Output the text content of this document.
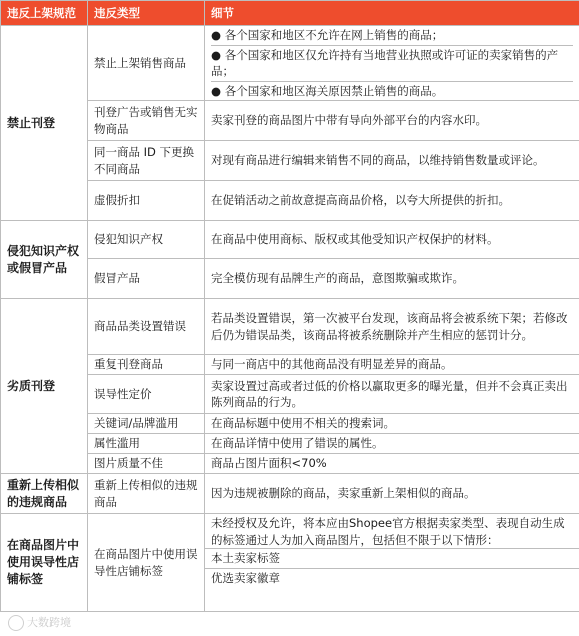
违反上架规范	违反类型	细节
禁止刊登	禁止上架销售商品	● 各个国家和地区不允许在网上销售的商品；
● 各个国家和地区仅允许持有当地营业执照或许可证的卖家销售的产品；
● 各个国家和地区海关原因禁止销售的商品。

	刊登广告或销售无实物商品	卖家刊登的商品图片中带有导向外部平台的内容水印。
	同一商品 ID 下更换不同商品	对现有商品进行编辑来销售不同的商品，以维持销售数量或评论。
	虚假折扣	在促销活动之前故意提高商品价格，以夸大所提供的折扣。
侵犯知识产权或假冒产品	侵犯知识产权	在商品中使用商标、版权或其他受知识产权保护的材料。
	假冒产品	完全模仿现有品牌生产的商品，意图欺骗或欺诈。
劣质刊登	商品品类设置错误	若品类设置错误，第一次被平台发现，该商品将会被系统下架；若修改后仍为错误品类，该商品将被系统删除并产生相应的惩罚计分。
	重复刊登商品	与同一商店中的其他商品没有明显差异的商品。
	误导性定价	卖家设置过高或者过低的价格以赢取更多的曝光量，但并不会真正卖出陈列商品的行为。
	关键词/品牌滥用	在商品标题中使用不相关的搜索词。
	属性滥用	在商品详情中使用了错误的属性。
	图片质量不佳	商品占图片面积<70%
重新上传相似的违规商品	重新上传相似的违规商品	因为违规被删除的商品，卖家重新上架相似的商品。
在商品图片中使用误导性店铺标签	在商品图片中使用误导性店铺标签	未经授权及允许，将本应由Shopee官方根据卖家类型、表现自动生成的标签通过人为加入商品图片，包括但不限于以下情形：
本土卖家标签
优选卖家徽章
大数跨境
